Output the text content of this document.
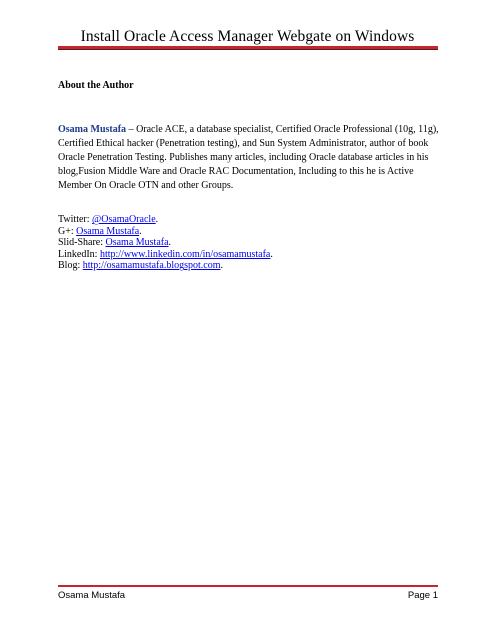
Install Oracle Access Manager Webgate on Windows
About the Author
Osama Mustafa – Oracle ACE, a database specialist, Certified Oracle Professional (10g, 11g), Certified Ethical hacker (Penetration testing), and Sun System Administrator, author of book Oracle Penetration Testing. Publishes many articles, including Oracle database articles in his blog,Fusion Middle Ware and Oracle RAC Documentation, Including to this he is Active Member On Oracle OTN and other Groups.
Twitter: @OsamaOracle.
G+: Osama Mustafa.
Slid-Share: Osama Mustafa.
LinkedIn: http://www.linkedin.com/in/osamamustafa.
Blog: http://osamamustafa.blogspot.com.
Osama Mustafa	Page 1
